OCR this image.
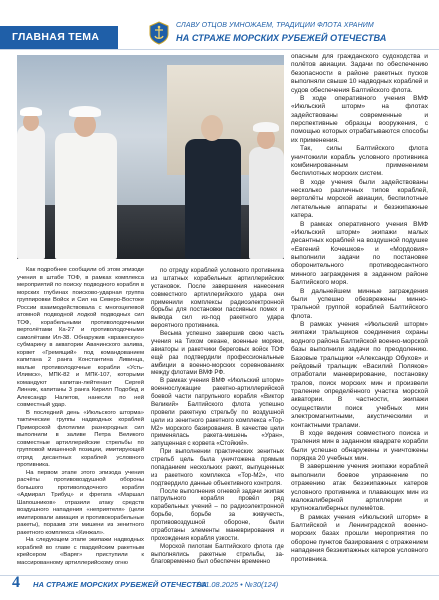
ГЛАВНАЯ ТЕМА
СЛАВУ ОТЦОВ УМНОЖАЕМ, ТРАДИЦИИ ФЛОТА ХРАНИМ
НА СТРАЖЕ МОРСКИХ РУБЕЖЕЙ ОТЕЧЕСТВА

Как подробнее сообщили об этом эпизоде учения в штабе ТОФ, в рамках комплекса мероприятий по поиску подводного корабля в морских глубинах поисково-ударная группа группировки Войск и Сил на Северо-Востоке России взаимодействовала с многоцелевой атомной подводной лодкой подводных сил ТОФ, корабельными противолодочными вертолётами Ка-27 и противолодочными самолётами Ил-38. Обнаружив «вражескую» субмарину в акватории Авачинского залива, корвет «Гремящий» под командованием капитана 2 ранга Константина Ливинца, малые противолодочные корабли «Усть-Илимск», МПК-82 и МПК-107, которыми командуют капитан-лейтенант Сергей Линник, капитаны 3 ранга Кирилл Подобед и Александр Налетов, нанесли по ней совместный удар.

В последний день «Июльского шторма» тактические группы надводных кораблей Приморской флотилии разнородных сил выполнили в заливе Петра Великого совместные артиллерийские стрельбы по групповой мишенной позиции, имитирующей отряд десантных кораблей условного противника.

На первом этапе этого эпизода учения расчёты противовоздушной обороны большого противолодочного корабля «Адмирал Трибуц» и фрегата «Маршал Шапошников» отразили атаку средств воздушного нападения «неприятеля» (цели имитировали авиация и противокорабельные ракеты), поразив эти мишени из зенитного ракетного комплекса «Кинжал».

На следующем этапе экипажи надводных кораблей во главе с гвардейским ракетным крейсером «Варяг» приступили к массированному артиллерийскому огню

по отряду кораблей условного противника из штатных корабельных артиллерийских установок. После завершения нанесения совместного артиллерийского удара они применили комплексы радиоэлектронной борьбы для постановки пассивных помех и вывода сил из-под ракетного удара вероятного противника.

Весьма успешно завершив свою часть учения на Тихом океане, военные моряки, авиаторы и ракетчики береговых войск ТОФ ещё раз подтвердили профессиональные амбиции в военно-морских соревнованиях между флотами ВМФ РФ.

В рамках учения ВМФ «Июльский шторм» военнослужащие ракетно-артиллерийской боевой части патрульного корабля «Виктор Великий» Балтийского флота успешно провели ракетную стрельбу по воздушной цели из зенитного ракетного комплекса «Тор-М2» морского базирования. В качестве цели применялась ракета-мишень «Уран», запущенная с корвета «Стойкий».

При выполнении практических зенитных стрельб цель была уничтожена прямым попаданием нескольких ракет, выпущенных из ракетного комплекса «Тор-М2», что подтвердило данные объективного контроля.

После выполнения огневой задачи экипаж патрульного корабля провёл ряд корабельных учений – по радиоэлектронной борьбе, борьбе за живучесть, противовоздушной обороне, были отработаны элементы маневрирования и прохождения корабля узкости.

Морской пилотам Балтийского флота где выполнялись ракетные стрельбы, за-благовременно был обеспечен временно

опасным для гражданского судоходства и полётов авиации. Задачи по обеспечению безопасности в районе ракетных пусков выполняли свыше 10 надводных кораблей и судов обеспечения Балтийского флота.

В ходе оперативного учения ВМФ «Июльский шторм» на флотах задействованы современные и перспективные образцы вооружения, с помощью которых отрабатываются способы их применения.

Так, силы Балтийского флота уничтожили корабль условного противника комбинированным применением беспилотных морских систем.

В ходе учения были задействованы несколько различных типов кораблей, вертолёты морской авиации, беспилотные летательные аппараты и безэкипажные катера.

В рамках оперативного учения ВМФ «Июльский шторм» экипажи малых десантных кораблей на воздушной подушке «Евгений Кочешков» и «Мордовия» выполнили задачи по постановке оборонительного противодесантного минного заграждения в заданном районе Балтийского моря.

В дальнейшем минные заграждения были успешно обезврежены минно-тральной группой кораблей Балтийского флота.

В рамках учения «Июльский шторм» экипажи тральщиков соединения охраны водного района Балтийской военно-морской базы выполнили задачи по преодолению. Базовые тральщики «Александр Обухов» и рейдовый тральщик «Василий Поляков» отработали маневрирование, постановку тралов, поиск морских мин и произвели траление определённого участка морской акватории. В частности, экипажи осуществили поиск учебных мин электромагнитными, акустическими и контактными тралами.

В ходе ведения совместного поиска и траления мин в заданном квадрате корабли были успешно обнаружены и уничтожены порядка 20 учебных мин.

В завершение учения экипажи кораблей выполнили боевое упражнение по отражению атак безэкипажных катеров условного противника и плавающих мин из малокалиберной артиллерии и крупнокалиберных пулемётов.

В рамках учения «Июльский шторм» в Балтийской и Ленинградской военно-морских базах прошли мероприятия по обороне пунктов базирования с отражением нападения безэкипажных катеров условного противника.

4 НА СТРАЖЕ МОРСКИХ РУБЕЖЕЙ ОТЕЧЕСТВА
/ 01.08.2025 • №30(124)
